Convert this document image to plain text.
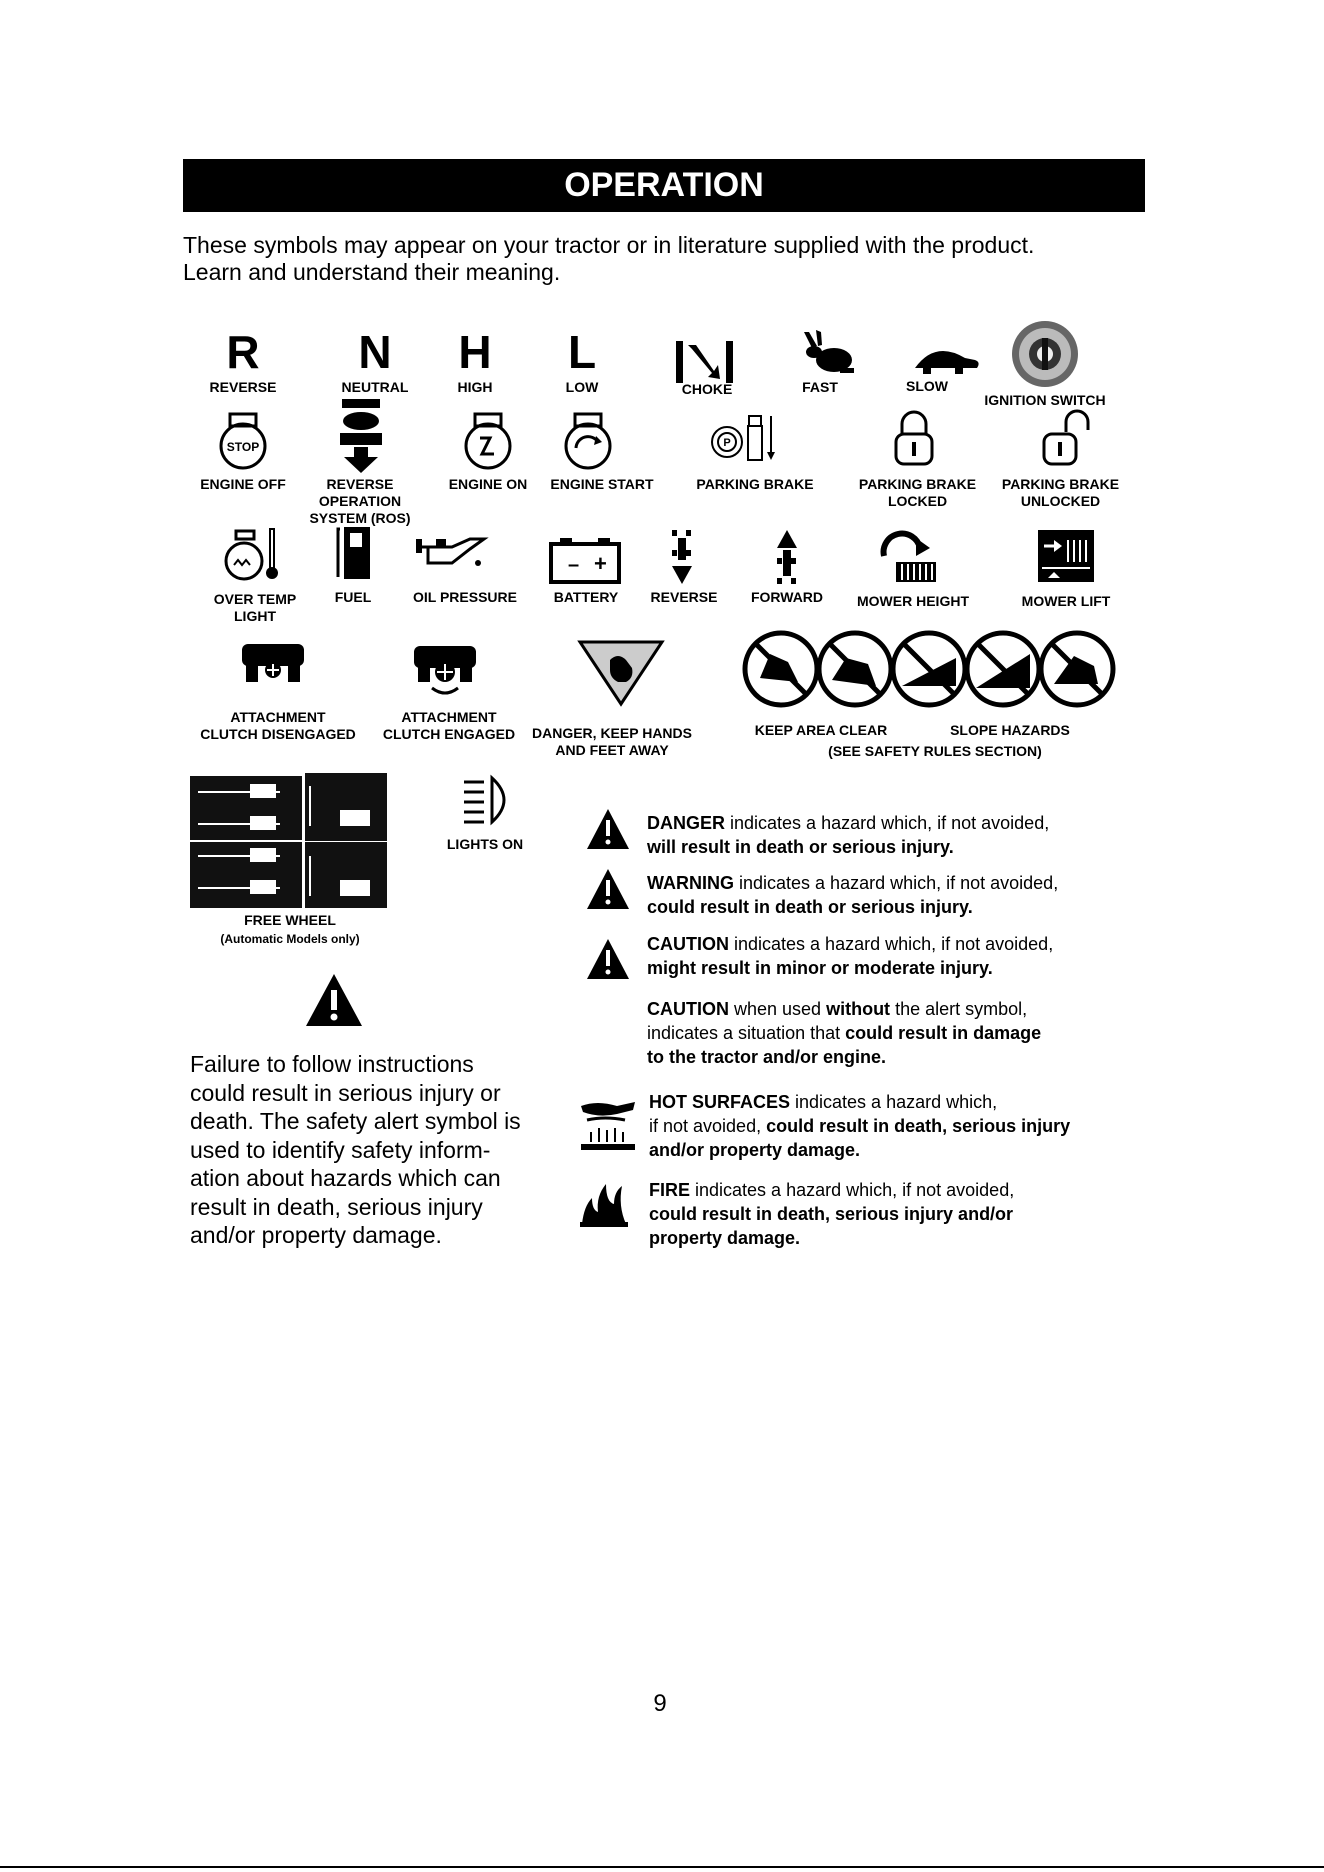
OPERATION
These symbols may appear on your tractor or in literature supplied with the product.
Learn and understand their meaning.
R
REVERSE
N
NEUTRAL
H
HIGH
L
LOW	CHOKE	FAST	SLOW
IGNITION SWITCH
STOP
ENGINE OFF	REVERSE
OPERATION
SYSTEM (ROS)
ENGINE ON	ENGINE START
P
PARKING BRAKE	PARKING BRAKE
LOCKED
PARKING BRAKE
UNLOCKED
OVER TEMP
LIGHT
FUEL	OIL PRESSURE
– +
BATTERY	REVERSE	FORWARD	MOWER HEIGHT	MOWER LIFT
ATTACHMENT
CLUTCH DISENGAGED
ATTACHMENT
CLUTCH ENGAGED	DANGER, KEEP HANDS
AND FEET AWAY
KEEP AREA CLEAR	SLOPE HAZARDS
(SEE SAFETY RULES SECTION)
FREE WHEEL
(Automatic Models only)
LIGHTS ON
Failure to follow instructions could result in serious injury or death. The safety alert symbol is used to identify safety inform-ation about hazards which can result in death, serious injury and/or property damage.
DANGER indicates a hazard which, if not avoided,
will result in death or serious injury.
WARNING indicates a hazard which, if not avoided,
could result in death or serious injury.
CAUTION indicates a hazard which, if not avoided,
might result in minor or moderate injury.
CAUTION when used without the alert symbol,
indicates a situation that could result in damage
to the tractor and/or engine.
HOT SURFACES indicates a hazard which,
if not avoided, could result in death, serious injury
and/or property damage.
FIRE indicates a hazard which, if not avoided,
could result in death, serious injury and/or
property damage.
9
